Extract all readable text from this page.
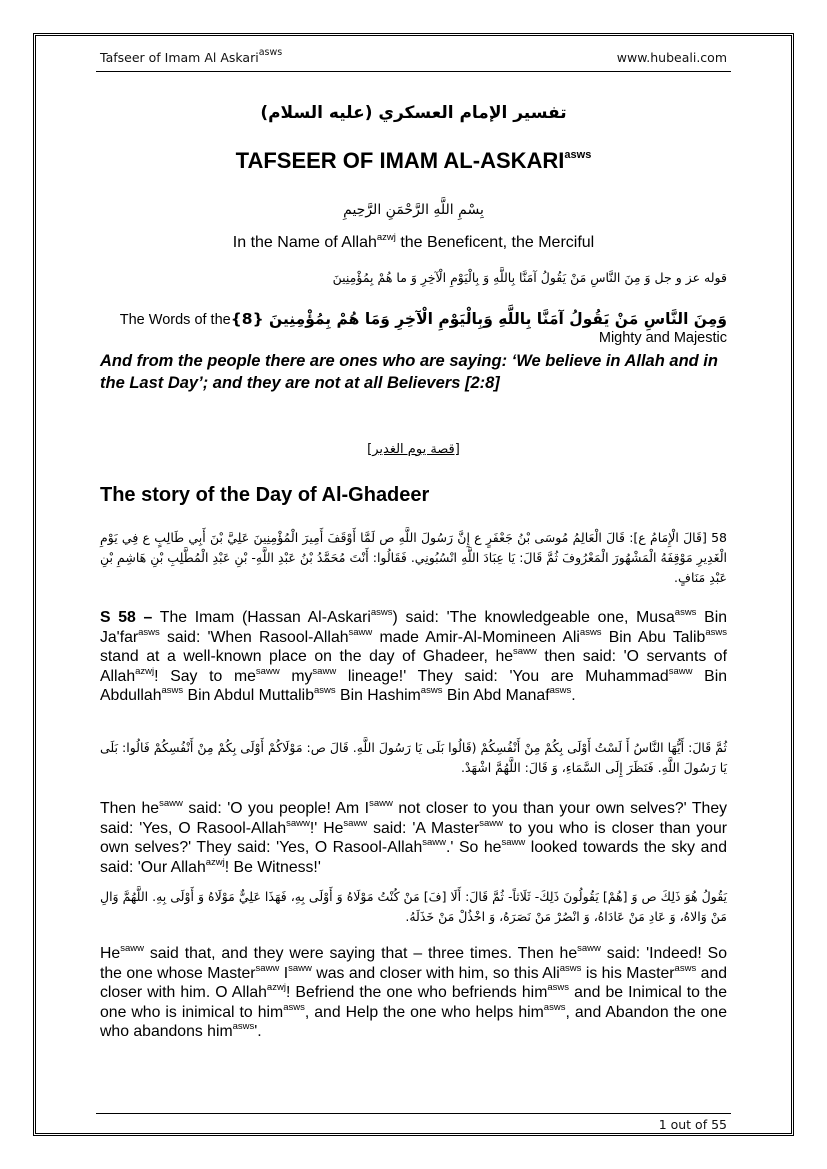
Tafseer of Imam Al Askari$^{asws}$	www.hubeali.com
تفسير الإمام العسكري (عليه السلام)
TAFSEER OF IMAM $AL-ASKARI^{asws}$
بِسْمِ اللَّهِ الرَّحْمَنِ الرَّحِيمِ
In the Name of Allah$^{azwj}$ the Beneficent, the Merciful
قوله عز و جل وَ مِنَ النَّاسِ مَنْ يَقُولُ آمَنَّا بِاللَّهِ وَ بِالْيَوْمِ الْآخِرِ وَ ما هُمْ بِمُؤْمِنِينَ
وَمِنَ النَّاسِ مَنْ يَقُولُ آمَنَّا بِاللَّهِ وَبِالْيَوْمِ الْآخِرِ وَمَا هُمْ بِمُؤْمِنِينَ {8}The Words of the Mighty and Majestic
And from the people there are ones who are saying: ‘We believe in Allah and in the Last Day’; and they are not at all Believers [2:8]
[قصة يوم الغدير]
The story of the Day of Al-Ghadeer
58 [قَالَ الْإِمَامُ ع‏]: قَالَ الْعَالِمُ مُوسَى بْنُ جَعْفَرٍ ع إِنَّ رَسُولَ اللَّهِ ص لَمَّا أَوْقَفَ أَمِيرَ الْمُؤْمِنِينَ عَلِيَّ بْنَ أَبِي طَالِبٍ ع فِي يَوْمِ الْغَدِيرِ مَوْقِفَهُ الْمَشْهُورَ الْمَعْرُوفَ ثُمَّ قَالَ: يَا عِبَادَ اللَّهِ انْسُبُونِي. فَقَالُوا: أَنْتَ مُحَمَّدُ بْنُ عَبْدِ اللَّهِ- بْنِ عَبْدِ الْمُطَّلِبِ بْنِ هَاشِمِ بْنِ عَبْدِ مَنَافٍ.
S 58 – The Imam (Hassan Al-Askari$^{asws}$) said: 'The knowledgeable one, Musa$^{asws}$ Bin Ja'far$^{asws}$ said: 'When Rasool-Allah$^{saww}$ made Amir-Al-Momineen Ali$^{asws}$ Bin Abu Talib$^{asws}$ stand at a well-known place on the day of Ghadeer, $he^{saww}$ then said: 'O servants of Allah$^{azwj}$! Say to $me^{saww}$ $my^{saww}$ lineage!' They said: 'You are Muhammad$^{saww}$ Bin Abdullah$^{asws}$ Bin Abdul Muttalib$^{asws}$ Bin Hashim$^{asws}$ Bin Abd Manaf$^{asws}$.
ثُمَّ قَالَ: أَيُّهَا النَّاسُ أَ لَسْتُ أَوْلَى بِكُمْ مِنْ أَنْفُسِكُمْ (قَالُوا بَلَى يَا رَسُولَ اللَّهِ. قَالَ ص: مَوْلَاكُمْ أَوْلَى بِكُمْ مِنْ أَنْفُسِكُمْ فَالُوا: بَلَى يَا رَسُولَ اللَّهِ. فَنَظَرَ إِلَى السَّمَاءِ، وَ قَالَ: اللَّهُمَّ اشْهَدْ.
Then $he^{saww}$ said: 'O you people! Am $I^{saww}$ not closer to you than your own selves?' They said: 'Yes, O Rasool-Allah$^{saww}$!' $He^{saww}$ said: 'A Master$^{saww}$ to you who is closer than your own selves?' They said: 'Yes, O Rasool-Allah$^{saww}$.' So $he^{saww}$ looked towards the sky and said: 'Our Allah$^{azwj}$! Be Witness!'
يَقُولُ هُوَ ذَلِكَ ص وَ [هُمْ] يَقُولُونَ ذَلِكَ- ثَلَاثاً- ثُمَّ قَالَ: أَلَا [فَ] مَنْ كُنْتُ مَوْلَاهُ وَ أَوْلَى بِهِ، فَهَذَا عَلِيٌّ مَوْلَاهُ وَ أَوْلَى بِهِ. اللَّهُمَّ وَالِ مَنْ وَالاهُ، وَ عَادِ مَنْ عَادَاهُ، وَ انْصُرْ مَنْ نَصَرَهُ، وَ اخْذُلْ مَنْ خَذَلَهُ.
$He^{saww}$ said that, and they were saying that – three times. Then $he^{saww}$ said: 'Indeed! So the one whose Master$^{saww}$ $I^{saww}$ was and closer with him, so this Ali$^{asws}$ is his Master$^{asws}$ and closer with him. O Allah$^{azwj}$! Befriend the one who befriends him$^{asws}$ and be Inimical to the one who is inimical to him$^{asws}$, and Help the one who helps him$^{asws}$, and Abandon the one who abandons him$^{asws}$'.
1 out of 55
